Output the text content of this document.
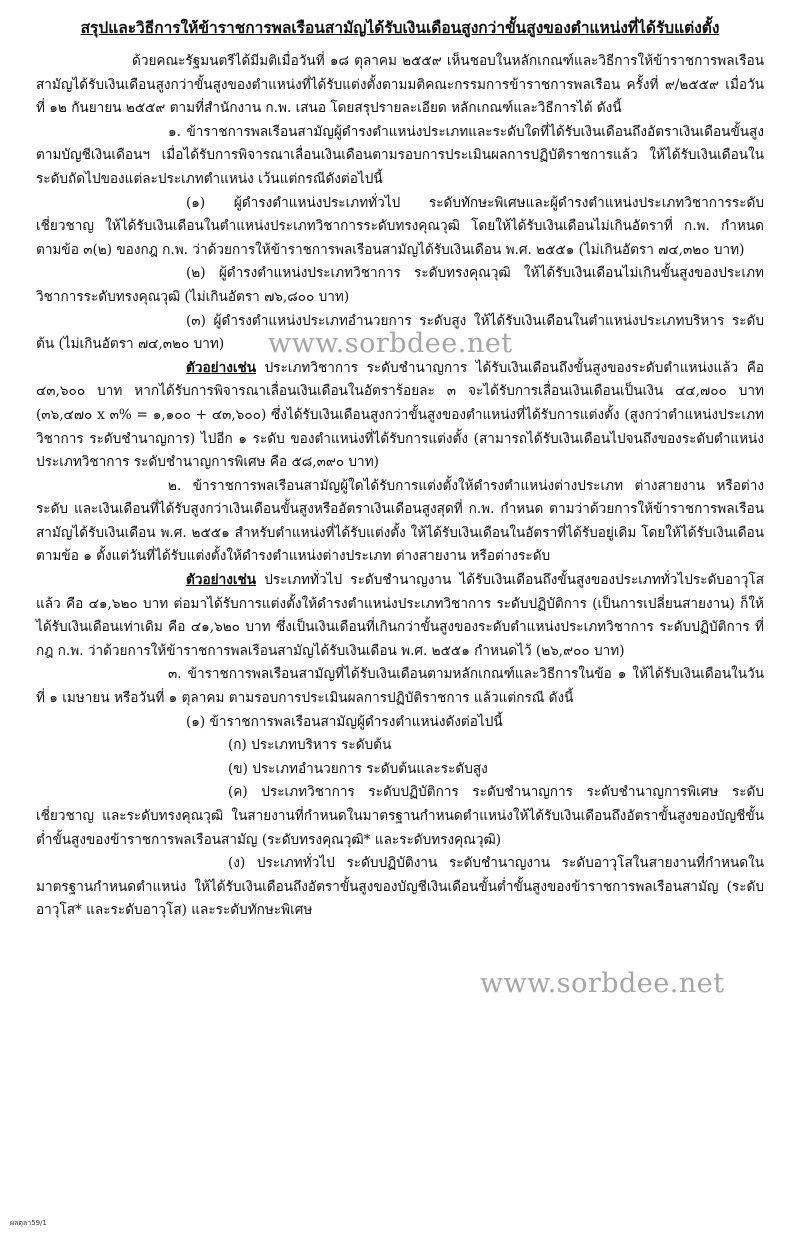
สรุปและวิธีการให้ข้าราชการพลเรือนสามัญได้รับเงินเดือนสูงกว่าขั้นสูงของตำแหน่งที่ได้รับแต่งตั้ง

ด้วยคณะรัฐมนตรีได้มีมติเมื่อวันที่ ๑๘ ตุลาคม ๒๕๕๙ เห็นชอบในหลักเกณฑ์และวิธีการให้ข้าราชการพลเรือนสามัญได้รับเงินเดือนสูงกว่าขั้นสูงของตำแหน่งที่ได้รับแต่งตั้งตามมติคณะกรรมการข้าราชการพลเรือน ครั้งที่ ๙/๒๕๕๙ เมื่อวันที่ ๑๒ กันยายน ๒๕๕๙ ตามที่สำนักงาน ก.พ. เสนอ โดยสรุปรายละเอียด หลักเกณฑ์และวิธีการได้ ดังนี้

๑. ข้าราชการพลเรือนสามัญผู้ดำรงตำแหน่งประเภทและระดับใดที่ได้รับเงินเดือนถึงอัตราเงินเดือนขั้นสูงตามบัญชีเงินเดือนฯ เมื่อได้รับการพิจารณาเลื่อนเงินเดือนตามรอบการประเมินผลการปฏิบัติราชการแล้ว ให้ได้รับเงินเดือนในระดับถัดไปของแต่ละประเภทตำแหน่ง เว้นแต่กรณีดังต่อไปนี้

(๑) ผู้ดำรงตำแหน่งประเภททั่วไป ระดับทักษะพิเศษและผู้ดำรงตำแหน่งประเภทวิชาการระดับเชี่ยวชาญ ให้ได้รับเงินเดือนในตำแหน่งประเภทวิชาการระดับทรงคุณวุฒิ โดยให้ได้รับเงินเดือนไม่เกินอัตราที่ ก.พ. กำหนด ตามข้อ ๓(๒) ของกฎ ก.พ. ว่าด้วยการให้ข้าราชการพลเรือนสามัญได้รับเงินเดือน พ.ศ. ๒๕๕๑ (ไม่เกินอัตรา ๗๔,๓๒๐ บาท)

(๒) ผู้ดำรงตำแหน่งประเภทวิชาการ ระดับทรงคุณวุฒิ ให้ได้รับเงินเดือนไม่เกินขั้นสูงของประเภทวิชาการระดับทรงคุณวุฒิ (ไม่เกินอัตรา ๗๖,๘๐๐ บาท)

(๓) ผู้ดำรงตำแหน่งประเภทอำนวยการ ระดับสูง ให้ได้รับเงินเดือนในตำแหน่งประเภทบริหาร ระดับต้น (ไม่เกินอัตรา ๗๔,๓๒๐ บาท)

ตัวอย่างเช่น ประเภทวิชาการ ระดับชำนาญการ ได้รับเงินเดือนถึงขั้นสูงของระดับตำแหน่งแล้ว คือ ๔๓,๖๐๐ บาท หากได้รับการพิจารณาเลื่อนเงินเดือนในอัตราร้อยละ ๓ จะได้รับการเลื่อนเงินเดือนเป็นเงิน ๔๔,๗๐๐ บาท (๓๖,๔๗๐ x ๓% = ๑,๑๐๐ + ๔๓,๖๐๐) ซึ่งได้รับเงินเดือนสูงกว่าขั้นสูงของตำแหน่งที่ได้รับการแต่งตั้ง (สูงกว่าตำแหน่งประเภทวิชาการ ระดับชำนาญการ) ไปอีก ๑ ระดับ ของตำแหน่งที่ได้รับการแต่งตั้ง (สามารถได้รับเงินเดือนไปจนถึงของระดับตำแหน่งประเภทวิชาการ ระดับชำนาญการพิเศษ คือ ๕๘,๓๙๐ บาท)

๒. ข้าราชการพลเรือนสามัญผู้ใดได้รับการแต่งตั้งให้ดำรงตำแหน่งต่างประเภท ต่างสายงาน หรือต่างระดับ และเงินเดือนที่ได้รับสูงกว่าเงินเดือนขั้นสูงหรืออัตราเงินเดือนสูงสุดที่ ก.พ. กำหนด ตามว่าด้วยการให้ข้าราชการพลเรือนสามัญได้รับเงินเดือน พ.ศ. ๒๕๕๑ สำหรับตำแหน่งที่ได้รับแต่งตั้ง ให้ได้รับเงินเดือนในอัตราที่ได้รับอยู่เดิม โดยให้ได้รับเงินเดือนตามข้อ ๑ ตั้งแต่วันที่ได้รับแต่งตั้งให้ดำรงตำแหน่งต่างประเภท ต่างสายงาน หรือต่างระดับ

ตัวอย่างเช่น ประเภททั่วไป ระดับชำนาญงาน ได้รับเงินเดือนถึงขั้นสูงของประเภททั่วไประดับอาวุโสแล้ว คือ ๔๑,๖๒๐ บาท ต่อมาได้รับการแต่งตั้งให้ดำรงตำแหน่งประเภทวิชาการ ระดับปฏิบัติการ (เป็นการเปลี่ยนสายงาน) ก็ให้ได้รับเงินเดือนเท่าเดิม คือ ๔๑,๖๒๐ บาท ซึ่งเป็นเงินเดือนที่เกินกว่าขั้นสูงของระดับตำแหน่งประเภทวิชาการ ระดับปฏิบัติการ ที่กฎ ก.พ. ว่าด้วยการให้ข้าราชการพลเรือนสามัญได้รับเงินเดือน พ.ศ. ๒๕๕๑ กำหนดไว้ (๒๖,๙๐๐ บาท)

๓. ข้าราชการพลเรือนสามัญที่ได้รับเงินเดือนตามหลักเกณฑ์และวิธีการในข้อ ๑ ให้ได้รับเงินเดือนในวันที่ ๑ เมษายน หรือวันที่ ๑ ตุลาคม ตามรอบการประเมินผลการปฏิบัติราชการ แล้วแต่กรณี ดังนี้

(๑) ข้าราชการพลเรือนสามัญผู้ดำรงตำแหน่งดังต่อไปนี้

(ก) ประเภทบริหาร ระดับต้น

(ข) ประเภทอำนวยการ ระดับต้นและระดับสูง

(ค) ประเภทวิชาการ ระดับปฏิบัติการ ระดับชำนาญการ ระดับชำนาญการพิเศษ ระดับเชี่ยวชาญ และระดับทรงคุณวุฒิ ในสายงานที่กำหนดในมาตรฐานกำหนดตำแหน่งให้ได้รับเงินเดือนถึงอัตราขั้นสูงของบัญชีขั้นต่ำขั้นสูงของข้าราชการพลเรือนสามัญ (ระดับทรงคุณวุฒิ* และระดับทรงคุณวุฒิ)

(ง) ประเภททั่วไป ระดับปฏิบัติงาน ระดับชำนาญงาน ระดับอาวุโสในสายงานที่กำหนดในมาตรฐานกำหนดตำแหน่ง ให้ได้รับเงินเดือนถึงอัตราขั้นสูงของบัญชีเงินเดือนขั้นต่ำขั้นสูงของข้าราชการพลเรือนสามัญ (ระดับอาวุโส* และระดับอาวุโส) และระดับทักษะพิเศษ

www.sorbdee.net
www.sorbdee.net
ผลตุลา59/1
